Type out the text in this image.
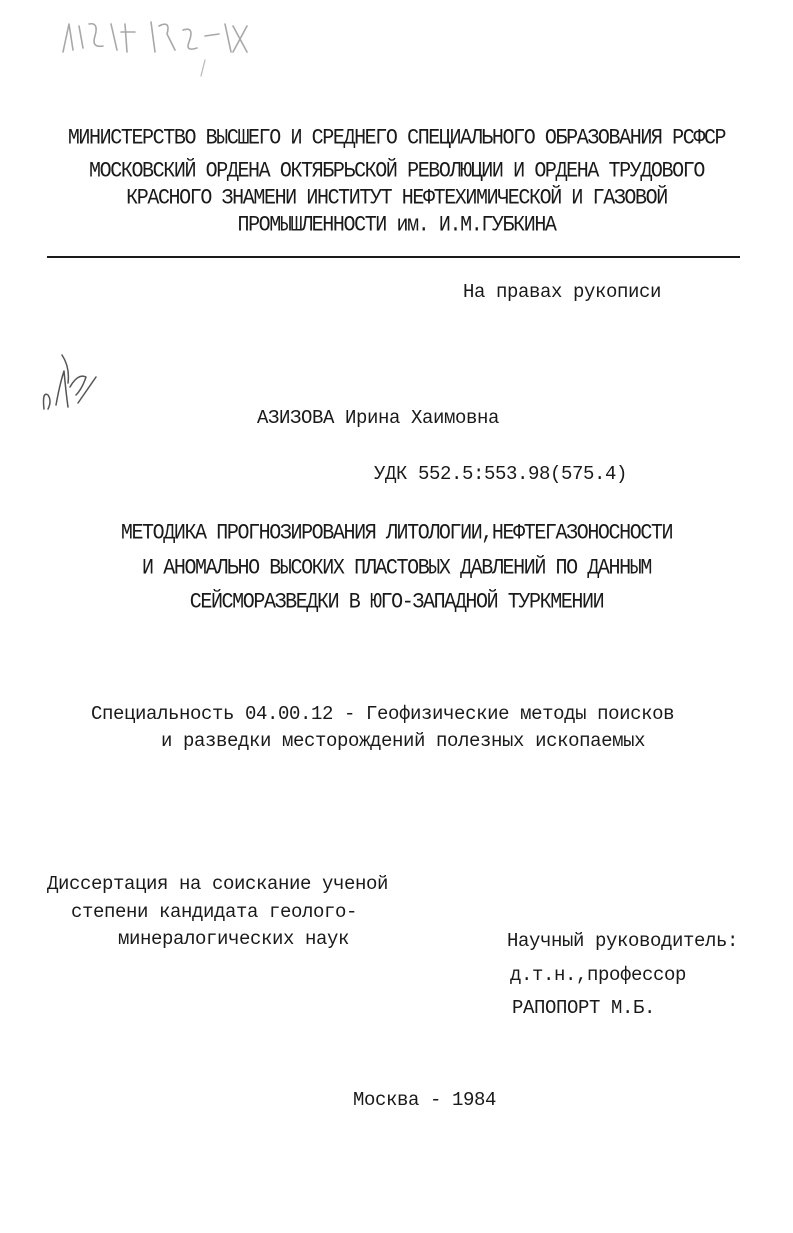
МИНИСТЕРСТВО ВЫСШЕГО И СРЕДНЕГО СПЕЦИАЛЬНОГО ОБРАЗОВАНИЯ РСФСР
МОСКОВСКИЙ ОРДЕНА ОКТЯБРЬСКОЙ РЕВОЛЮЦИИ И ОРДЕНА ТРУДОВОГО
КРАСНОГО ЗНАМЕНИ ИНСТИТУТ НЕФТЕХИМИЧЕСКОЙ И ГАЗОВОЙ
ПРОМЫШЛЕННОСТИ им. И.М.ГУБКИНА
На правах рукописи
АЗИЗОВА Ирина Хаимовна
УДК 552.5:553.98(575.4)
МЕТОДИКА ПРОГНОЗИРОВАНИЯ ЛИТОЛОГИИ,НЕФТЕГАЗОНОСНОСТИ
И АНОМАЛЬНО ВЫСОКИХ ПЛАСТОВЫХ ДАВЛЕНИЙ ПО ДАННЫМ
СЕЙСМОРАЗВЕДКИ В ЮГО-ЗАПАДНОЙ ТУРКМЕНИИ
Специальность 04.00.12 - Геофизические методы поисков
и разведки месторождений полезных ископаемых
Диссертация на соискание ученой
степени кандидата геолого-
минералогических наук	Научный руководитель:
д.т.н.,профессор
РАПОПОРТ М.Б.
Москва - 1984
